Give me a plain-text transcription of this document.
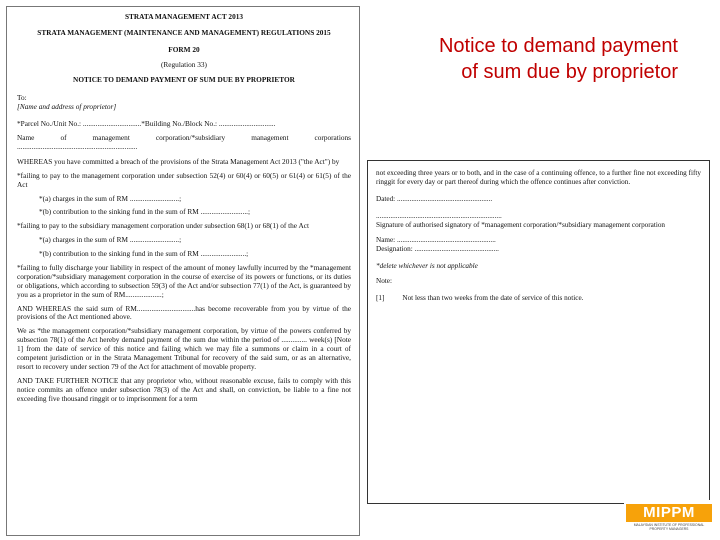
Notice to demand payment of sum due by proprietor
STRATA MANAGEMENT ACT 2013
STRATA MANAGEMENT (MAINTENANCE AND MANAGEMENT) REGULATIONS 2015
FORM 20
(Regulation 33)
NOTICE TO DEMAND PAYMENT OF SUM DUE BY PROPRIETOR
To:
[Name and address of proprietor]
*Parcel No./Unit No.: ................................*Building No./Block No.: ...............................
Name of management corporation/*subsidiary management corporations ..................................................................
WHEREAS you have committed a breach of the provisions of the Strata Management Act 2013 ("the Act") by
*failing to pay to the management corporation under subsection 52(4) or 60(4) or 60(5) or 61(4) or 61(5) of the Act
*(a) charges in the sum of RM ...........................;
*(b) contribution to the sinking fund in the sum of RM ..........................;
*failing to pay to the subsidiary management corporation under subsection 68(1) or 68(1) of the Act
*(a) charges in the sum of RM ...........................;
*(b) contribution to the sinking fund in the sum of RM .........................;
*failing to fully discharge your liability in respect of the amount of money lawfully incurred by the *management corporation/*subsidiary management corporation in the course of exercise of its powers or functions, or its duties or obligations, which according to subsection 59(3) of the Act and/or subsection 77(1) of the Act, is guaranteed by you as a proprietor in the sum of RM....................;
AND WHEREAS the said sum of RM................................has become recoverable from you by virtue of the provisions of the Act mentioned above.
We as *the management corporation/*subsidiary management corporation, by virtue of the powers conferred by subsection 78(1) of the Act hereby demand payment of the sum due within the period of .............. week(s) [Note 1] from the date of service of this notice and failing which we may file a summons or claim in a court of competent jurisdiction or in the Strata Management Tribunal for recovery of the said sum, or as an alternative, resort to recovery under section 79 of the Act for attachment of movable property.
AND TAKE FURTHER NOTICE that any proprietor who, without reasonable excuse, fails to comply with this notice commits an offence under subsection 78(3) of the Act and shall, on conviction, be liable to a fine not exceeding five thousand ringgit or to imprisonment for a term
not exceeding three years or to both, and in the case of a continuing offence, to a further fine not exceeding fifty ringgit for every day or part thereof during which the offence continues after conviction.
Dated: .....................................................
......................................................................
Signature of authorised signatory of *management corporation/*subsidiary management corporation
Name: .......................................................
Designation: ...............................................
*delete whichever is not applicable
Note:
[1]	Not less than two weeks from the date of service of this notice.
MIPPM
MALAYSIAN INSTITUTE OF PROFESSIONAL PROPERTY MANAGERS
